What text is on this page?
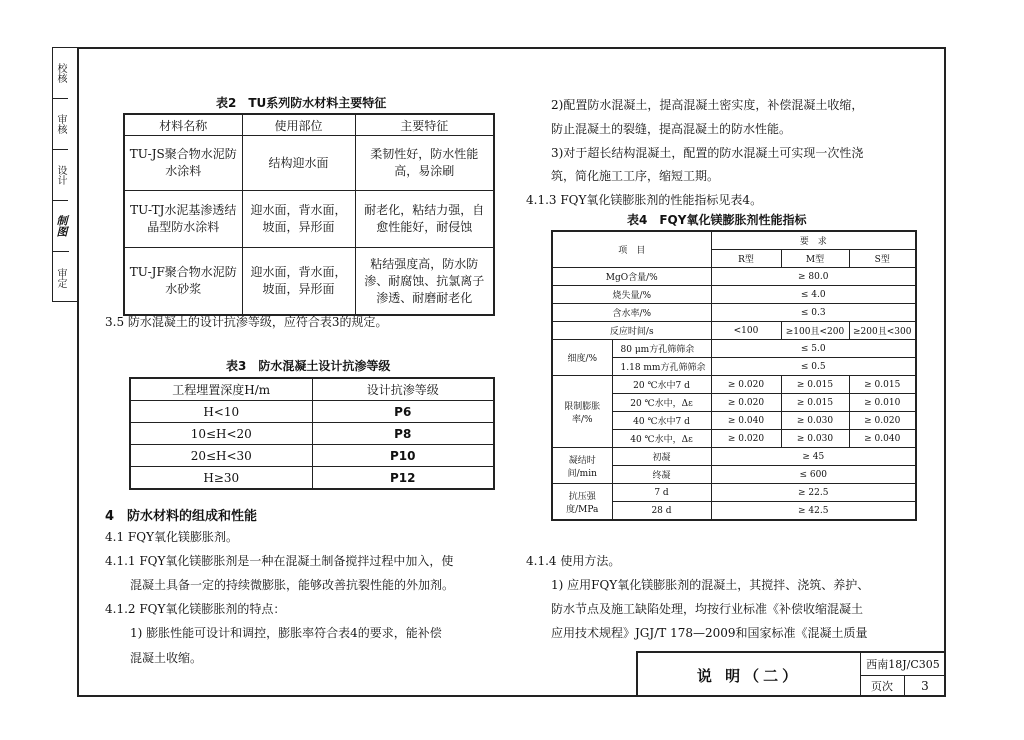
校核
审核
设计
制图
审定
表2　TU系列防水材料主要特征
材料名称	使用部位	主要特征
TU-JS聚合物水泥防水涂料	结构迎水面	柔韧性好，防水性能高，易涂刷
TU-TJ水泥基渗透结晶型防水涂料	迎水面，背水面，坡面，异形面	耐老化，粘结力强，自愈性能好，耐侵蚀
TU-JF聚合物水泥防水砂浆	迎水面，背水面，坡面，异形面	粘结强度高，防水防渗、耐腐蚀、抗氯离子渗透、耐磨耐老化
3.5 防水混凝土的设计抗渗等级，应符合表3的规定。
表3　防水混凝土设计抗渗等级
工程埋置深度H/m	设计抗渗等级
H<10	P6
10≤H<20	P8
20≤H<30	P10
H≥30	P12
4　防水材料的组成和性能
4.1 FQY氧化镁膨胀剂。
4.1.1 FQY氧化镁膨胀剂是一种在混凝土制备搅拌过程中加入，使
混凝土具备一定的持续微膨胀，能够改善抗裂性能的外加剂。
4.1.2 FQY氧化镁膨胀剂的特点：
1) 膨胀性能可设计和调控，膨胀率符合表4的要求，能补偿
混凝土收缩。
2)配置防水混凝土，提高混凝土密实度，补偿混凝土收缩，
防止混凝土的裂缝，提高混凝土的防水性能。
3)对于超长结构混凝土，配置的防水混凝土可实现一次性浇
筑，简化施工工序，缩短工期。
4.1.3 FQY氧化镁膨胀剂的性能指标见表4。
表4　FQY氧化镁膨胀剂性能指标
项　目		要　求		
		R型	M型	S型
MgO含量/%		≥ 80.0		
烧失量/%		≤ 4.0		
含水率/%		≤ 0.3		
反应时间/s		<100	≥100且<200	≥200且<300
细度/%	80 μm方孔筛筛余	≤ 5.0		
	1.18 mm方孔筛筛余	≤ 0.5		
限制膨胀率/%	20 ℃水中7 d	≥ 0.020	≥ 0.015	≥ 0.015
	20 ℃水中，Δε	≥ 0.020	≥ 0.015	≥ 0.010
	40 ℃水中7 d	≥ 0.040	≥ 0.030	≥ 0.020
	40 ℃水中，Δε	≥ 0.020	≥ 0.030	≥ 0.040
凝结时间/min	初凝	≥ 45		
	终凝	≤ 600		
抗压强度/MPa	7 d	≥ 22.5		
	28 d	≥ 42.5		
4.1.4 使用方法。
1) 应用FQY氧化镁膨胀剂的混凝土，其搅拌、浇筑、养护、
防水节点及施工缺陷处理，均按行业标准《补偿收缩混凝土
应用技术规程》JGJ/T 178—2009和国家标准《混凝土质量
说 明（二）
西南18J/C305
页次	3
